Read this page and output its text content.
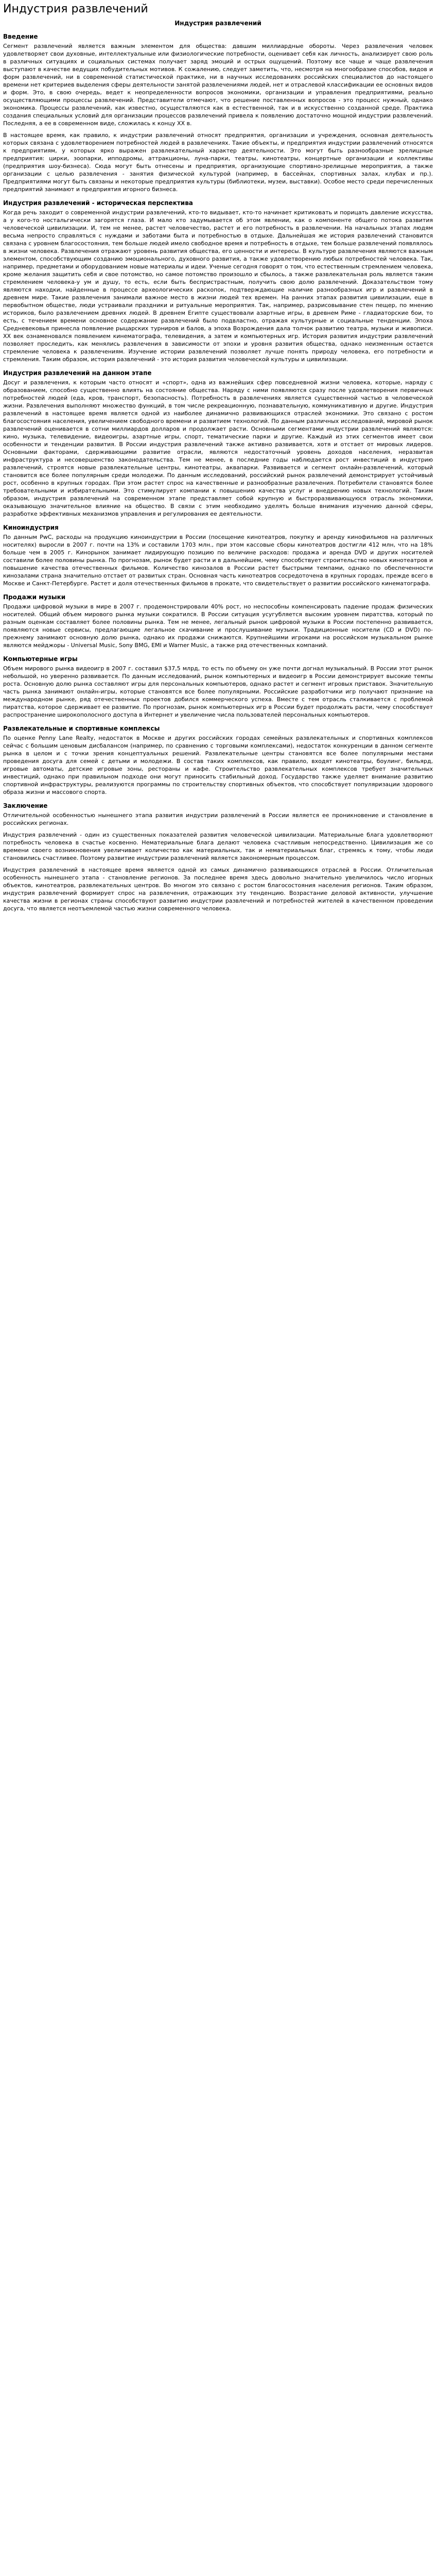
Индустрия развлечений
Индустрия развлечений
Введение

Сегмент развлечений является важным элементом для общества: давшим миллиардные обороты. Через развлечения человек удовлетворяет свои духовные, интеллектуальные или физиологические потребности, оценивает себя как личность, анализирует свою роль в различных ситуациях и социальных системах получает заряд эмоций и острых ощущений. Поэтому все чаще и чаще развлечения выступают в качестве ведущих побудительных мотивов. К сожалению, следует заметить, что, несмотря на многообразие способов, видов и форм развлечений, ни в современной статистической практике, ни в научных исследованиях российских специалистов до настоящего времени нет критериев выделения сферы деятельности занятой развлечениями людей, нет и отраслевой классификации ее основных видов и форм. Это, в свою очередь, ведет к неопределенности вопросов экономики, организации и управления предприятиями, реально осуществляющими процессы развлечений. Представители отмечают, что решение поставленных вопросов - это процесс нужный, однако экономика. Процессы развлечений, как известно, осуществляются как в естественной, так и в искусственно созданной среде. Практика создания специальных условий для организации процессов развлечений привела к появлению достаточно мощной индустрии развлечений. Последняя, а ее в современном виде, сложилась к концу XX в.

В настоящее время, как правило, к индустрии развлечений относят предприятия, организации и учреждения, основная деятельность которых связана с удовлетворением потребностей людей в развлечениях. Такие объекты, и предприятия индустрии развлечений относятся к предприятиям, у которых ярко выражен развлекательный характер деятельности. Это могут быть разнообразные зрелищные предприятия: цирки, зоопарки, ипподромы, аттракционы, луна-парки, театры, кинотеатры, концертные организации и коллективы (предприятия шоу-бизнеса). Сюда могут быть отнесены и предприятия, организующие спортивно-зрелищные мероприятия, а также организации с целью развлечения - занятия физической культурой (например, в бассейнах, спортивных залах, клубах и пр.). Предприятиями могут быть связаны и некоторые предприятия культуры (библиотеки, музеи, выставки). Особое место среди перечисленных предприятий занимают и предприятия игорного бизнеса.

Индустрия развлечений - историческая перспектива

Когда речь заходит о современной индустрии развлечений, кто-то видывает, кто-то начинает критиковать и порицать давление искусства, а у кого-то ностальгически загорятся глаза. И мало кто задумывается об этом явлении, как о компоненте общего потока развития человеческой цивилизации. И, тем не менее, растет человечество, растет и его потребность в развлечении. На начальных этапах людям весьма непросто справляться с нуждами и заботами быта и потребностью в отдыхе. Дальнейшая же история развлечений становится связана с уровнем благосостояния, тем больше людей имело свободное время и потребность в отдыхе, тем больше развлечений появлялось в жизни человека. Развлечения отражают уровень развития общества, его ценности и интересы. В культуре развлечения являются важным элементом, способствующим созданию эмоционального, духовного развития, а также удовлетворению любых потребностей человека. Так, например, предметами и оборудованием новые материалы и идеи. Ученые сегодня говорят о том, что естественным стремлением человека, кроме желания защитить себя и свое потомство, но самое потомство произошло и сбылось, а также развлекательная роль является таким стремлением человека-у ум и душу, то есть, если быть беспристрастным, получить свою долю развлечений. Доказательством тому являются находки, найденные в процессе археологических раскопок, подтверждающие наличие разнообразных игр и развлечений в древнем мире. Такие развлечения занимали важное место в жизни людей тех времен. На ранних этапах развития цивилизации, еще в первобытном обществе, люди устраивали праздники и ритуальные мероприятия. Так, например, разрисовывание стен пещер, по мнению историков, было развлечением древних людей. В древнем Египте существовали азартные игры, в древнем Риме - гладиаторские бои, то есть, с течением времени основное содержание развлечений было подвластно, отражая культурные и социальные тенденции. Эпоха Средневековья принесла появление рыцарских турниров и балов, а эпоха Возрождения дала толчок развитию театра, музыки и живописи. XX век ознаменовался появлением кинематографа, телевидения, а затем и компьютерных игр. История развития индустрии развлечений позволяет проследить, как менялись развлечения в зависимости от эпохи и уровня развития общества, однако неизменным остается стремление человека к развлечениям. Изучение истории развлечений позволяет лучше понять природу человека, его потребности и стремления. Таким образом, история развлечений - это история развития человеческой культуры и цивилизации.

Индустрия развлечений на данном этапе

Досуг и развлечения, к которым часто относят и «спорт», одна из важнейших сфер повседневной жизни человека, которые, наряду с образованием, способно существенно влиять на состояние общества. Наряду с ними появляются сразу после удовлетворения первичных потребностей людей (еда, кров, транспорт, безопасность). Потребность в развлечениях является существенной частью в человеческой жизни. Развлечения выполняют множество функций, в том числе рекреационную, познавательную, коммуникативную и другие. Индустрия развлечений в настоящее время является одной из наиболее динамично развивающихся отраслей экономики. Это связано с ростом благосостояния населения, увеличением свободного времени и развитием технологий. По данным различных исследований, мировой рынок развлечений оценивается в сотни миллиардов долларов и продолжает расти. Основными сегментами индустрии развлечений являются: кино, музыка, телевидение, видеоигры, азартные игры, спорт, тематические парки и другие. Каждый из этих сегментов имеет свои особенности и тенденции развития. В России индустрия развлечений также активно развивается, хотя и отстает от мировых лидеров. Основными факторами, сдерживающими развитие отрасли, являются недостаточный уровень доходов населения, неразвитая инфраструктура и несовершенство законодательства. Тем не менее, в последние годы наблюдается рост инвестиций в индустрию развлечений, строятся новые развлекательные центры, кинотеатры, аквапарки. Развивается и сегмент онлайн-развлечений, который становится все более популярным среди молодежи. По данным исследований, российский рынок развлечений демонстрирует устойчивый рост, особенно в крупных городах. При этом растет спрос на качественные и разнообразные развлечения. Потребители становятся более требовательными и избирательными. Это стимулирует компании к повышению качества услуг и внедрению новых технологий. Таким образом, индустрия развлечений на современном этапе представляет собой крупную и быстроразвивающуюся отрасль экономики, оказывающую значительное влияние на общество. В связи с этим необходимо уделять больше внимания изучению данной сферы, разработке эффективных механизмов управления и регулирования ее деятельности.

Киноиндустрия

По данным PwC, расходы на продукцию киноиндустрии в России (посещение кинотеатров, покупку и аренду кинофильмов на различных носителях) выросли в 2007 г. почти на 13% и составили 1703 млн., при этом кассовые сборы кинотеатров достигли 412 млн, что на 18% больше чем в 2005 г. Кинорынок занимает лидирующую позицию по величине расходов: продажа и аренда DVD и других носителей составили более половины рынка. По прогнозам, рынок будет расти и в дальнейшем, чему способствует строительство новых кинотеатров и повышение качества отечественных фильмов. Количество кинозалов в России растет быстрыми темпами, однако по обеспеченности кинозалами страна значительно отстает от развитых стран. Основная часть кинотеатров сосредоточена в крупных городах, прежде всего в Москве и Санкт-Петербурге. Растет и доля отечественных фильмов в прокате, что свидетельствует о развитии российского кинематографа.

Продажи музыки

Продажи цифровой музыки в мире в 2007 г. продемонстрировали 40% рост, но неспособны компенсировать падение продаж физических носителей. Общий объем мирового рынка музыки сократился. В России ситуация усугубляется высоким уровнем пиратства, который по разным оценкам составляет более половины рынка. Тем не менее, легальный рынок цифровой музыки в России постепенно развивается, появляются новые сервисы, предлагающие легальное скачивание и прослушивание музыки. Традиционные носители (CD и DVD) по-прежнему занимают основную долю рынка, однако их продажи снижаются. Крупнейшими игроками на российском музыкальном рынке являются мейджоры - Universal Music, Sony BMG, EMI и Warner Music, а также ряд отечественных компаний.

Компьютерные игры

Объем мирового рынка видеоигр в 2007 г. составил $37,5 млрд, то есть по объему он уже почти догнал музыкальный. В России этот рынок небольшой, но уверенно развивается. По данным исследований, рынок компьютерных и видеоигр в России демонстрирует высокие темпы роста. Основную долю рынка составляют игры для персональных компьютеров, однако растет и сегмент игровых приставок. Значительную часть рынка занимают онлайн-игры, которые становятся все более популярными. Российские разработчики игр получают признание на международном рынке, ряд отечественных проектов добился коммерческого успеха. Вместе с тем отрасль сталкивается с проблемой пиратства, которое сдерживает ее развитие. По прогнозам, рынок компьютерных игр в России будет продолжать расти, чему способствует распространение широкополосного доступа в Интернет и увеличение числа пользователей персональных компьютеров.

Развлекательные и спортивные комплексы

По оценке Penny Lane Realty, недостаток в Москве и других российских городах семейных развлекательных и спортивных комплексов сейчас с большим ценовым дисбалансом (например, по сравнению с торговыми комплексами), недостаток конкуренции в данном сегменте рынка в целом и с точки зрения концептуальных решений. Развлекательные центры становятся все более популярными местами проведения досуга для семей с детьми и молодежи. В состав таких комплексов, как правило, входят кинотеатры, боулинг, бильярд, игровые автоматы, детские игровые зоны, рестораны и кафе. Строительство развлекательных комплексов требует значительных инвестиций, однако при правильном подходе они могут приносить стабильный доход. Государство также уделяет внимание развитию спортивной инфраструктуры, реализуются программы по строительству спортивных объектов, что способствует популяризации здорового образа жизни и массового спорта.

Заключение

Отличительной особенностью нынешнего этапа развития индустрии развлечений в России является ее проникновение и становление в российских регионах.

Индустрия развлечений - один из существенных показателей развития человеческой цивилизации. Материальные блага удовлетворяют потребность человека в счастье косвенно. Нематериальные блага делают человека счастливым непосредственно. Цивилизация же со времени своего возникновения увеличивает количество как материальных, так и нематериальных благ, стремясь к тому, чтобы люди становились счастливее. Поэтому развитие индустрии развлечений является закономерным процессом.

Индустрия развлечений в настоящее время является одной из самых динамично развивающихся отраслей в России. Отличительная особенность нынешнего этапа - становление регионов. За последнее время здесь довольно значительно увеличилось число игорных объектов, кинотеатров, развлекательных центров. Во многом это связано с ростом благосостояния населения регионов. Таким образом, индустрия развлечений формирует спрос на развлечения, отражающих эту тенденцию. Возрастание деловой активности, улучшение качества жизни в регионах страны способствуют развитию индустрии развлечений и потребностей жителей в качественном проведении досуга, что является неотъемлемой частью жизни современного человека.
